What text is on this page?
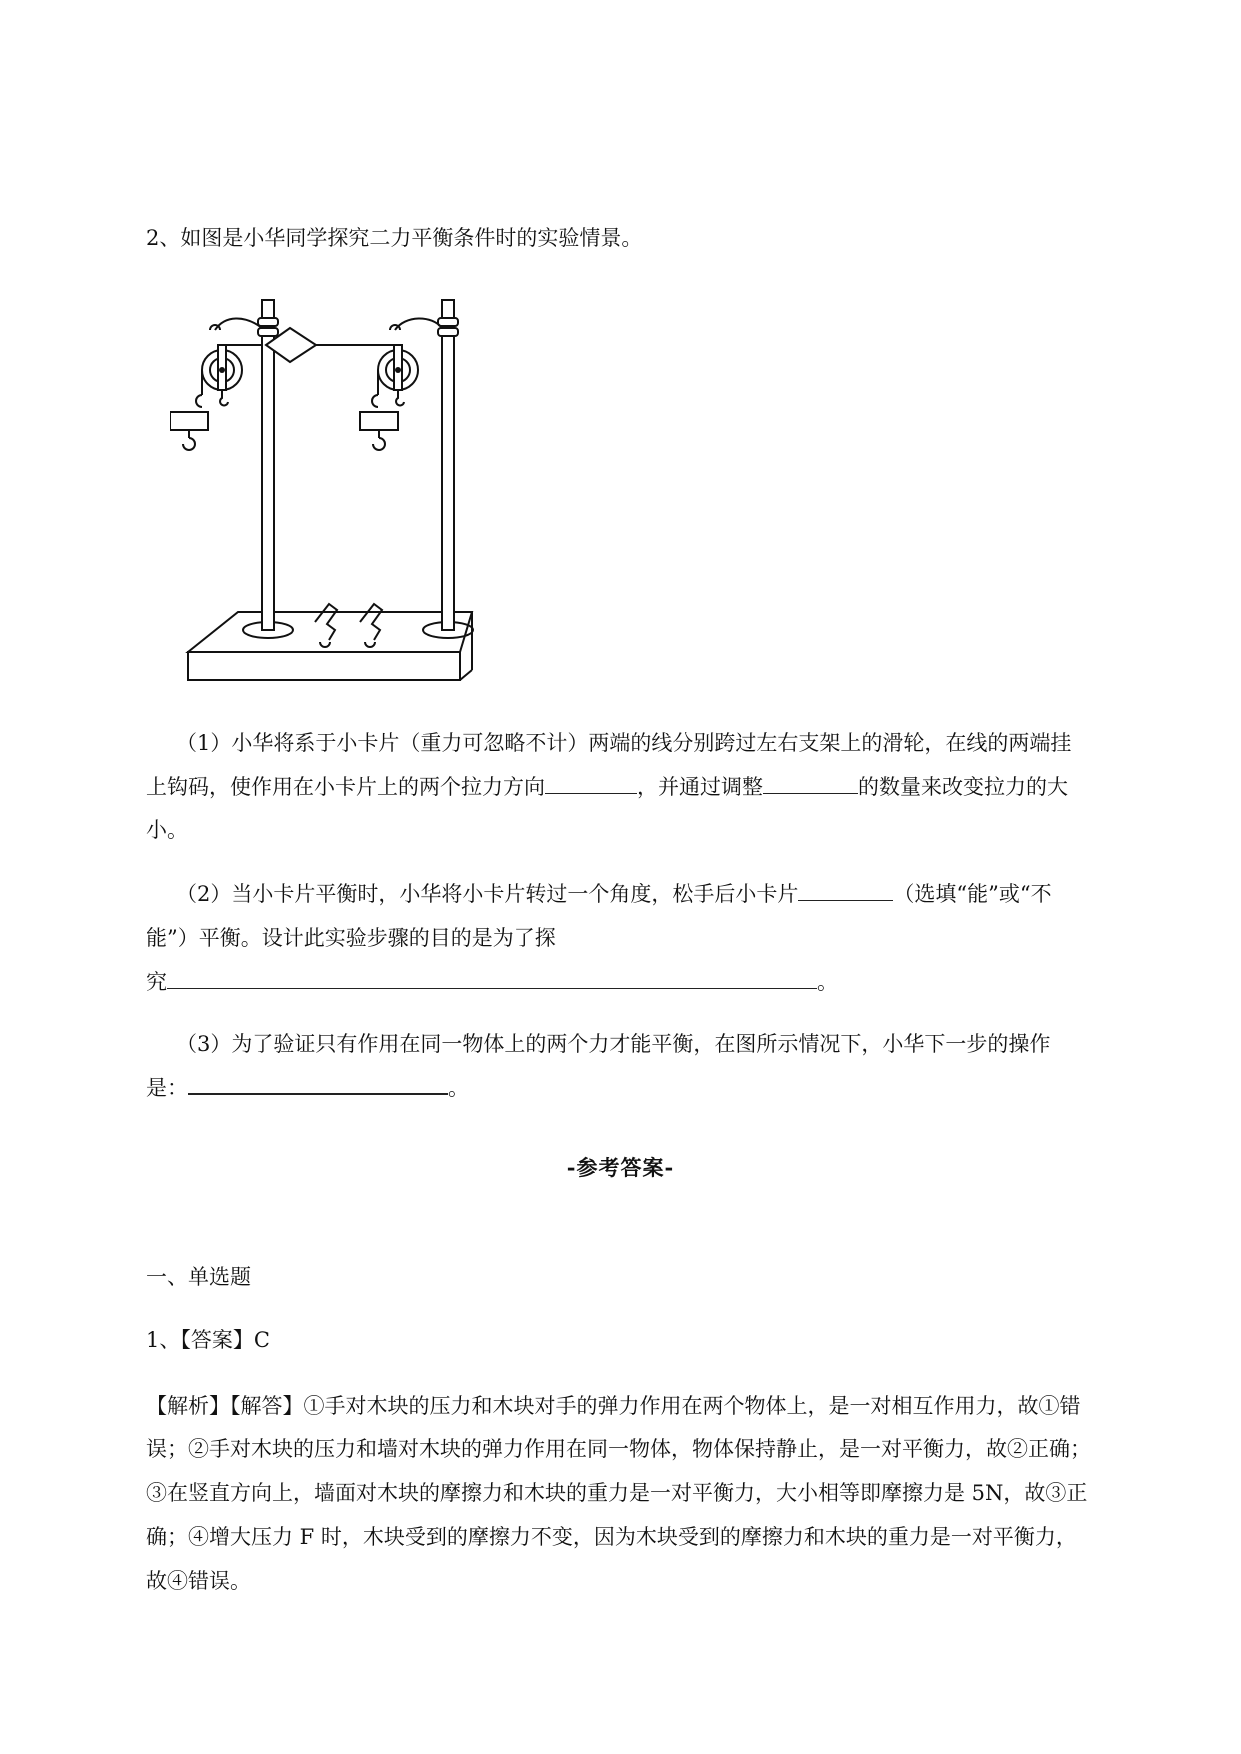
2、如图是小华同学探究二力平衡条件时的实验情景。
（1）小华将系于小卡片（重力可忽略不计）两端的线分别跨过左右支架上的滑轮，在线的两端挂
上钩码，使作用在小卡片上的两个拉力方向	，并通过调整	的数量来改变拉力的大
小。
（2）当小卡片平衡时，小华将小卡片转过一个角度，松手后小卡片	（选填“能”或“不
能”）平衡。设计此实验步骤的目的是为了探
究	。
（3）为了验证只有作用在同一物体上的两个力才能平衡，在图所示情况下，小华下一步的操作
是：	。
-参考答案-
一、单选题
1、【答案】C
【解析】【解答】①手对木块的压力和木块对手的弹力作用在两个物体上，是一对相互作用力，故①错
误；②手对木块的压力和墙对木块的弹力作用在同一物体，物体保持静止，是一对平衡力，故②正确；
③在竖直方向上，墙面对木块的摩擦力和木块的重力是一对平衡力，大小相等即摩擦力是 5N，故③正
确；④增大压力 F 时，木块受到的摩擦力不变，因为木块受到的摩擦力和木块的重力是一对平衡力，
故④错误。
